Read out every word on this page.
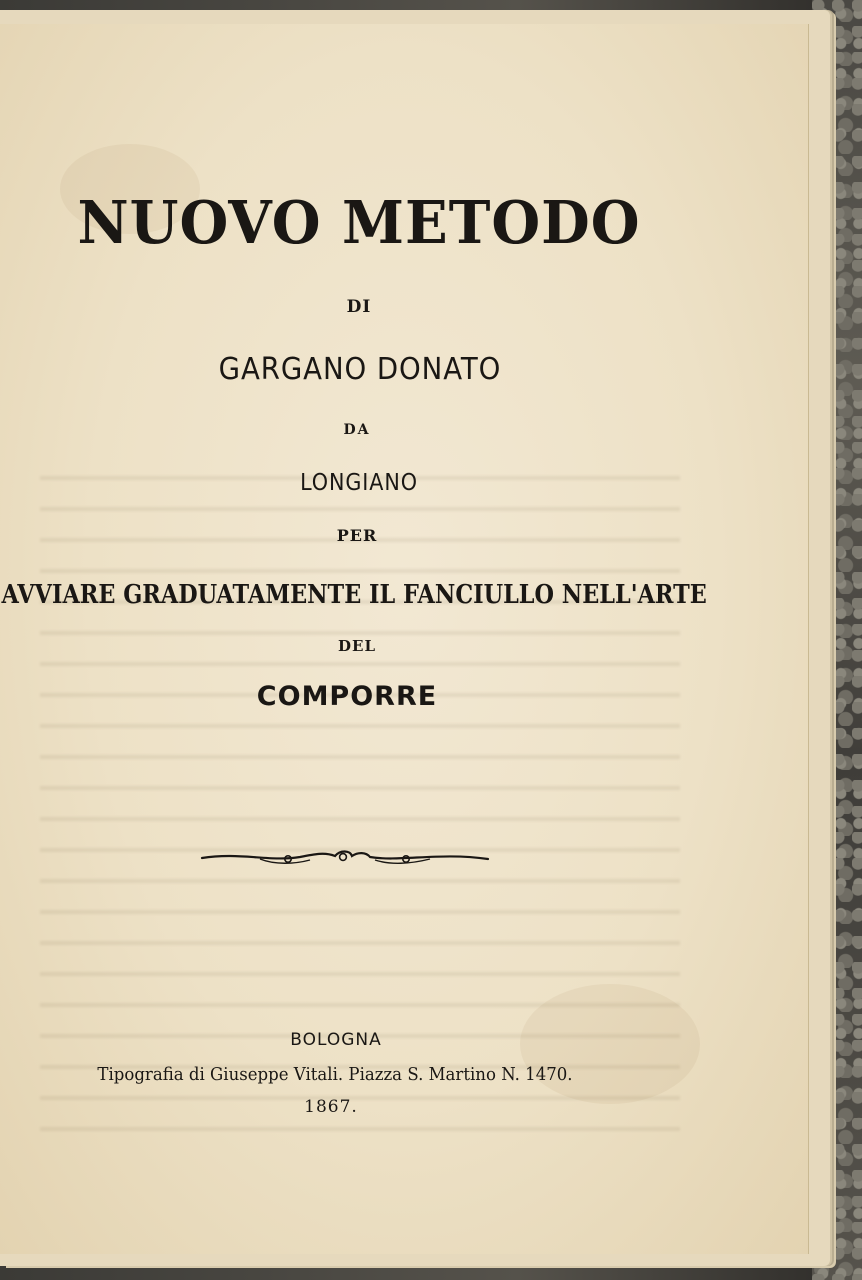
NUOVO METODO

DI

GARGANO DONATO

DA

LONGIANO

PER

AVVIARE GRADUATAMENTE IL FANCIULLO NELL'ARTE

DEL

COMPORRE

BOLOGNA

Tipografia di Giuseppe Vitali. Piazza S. Martino N. 1470.

1867.
